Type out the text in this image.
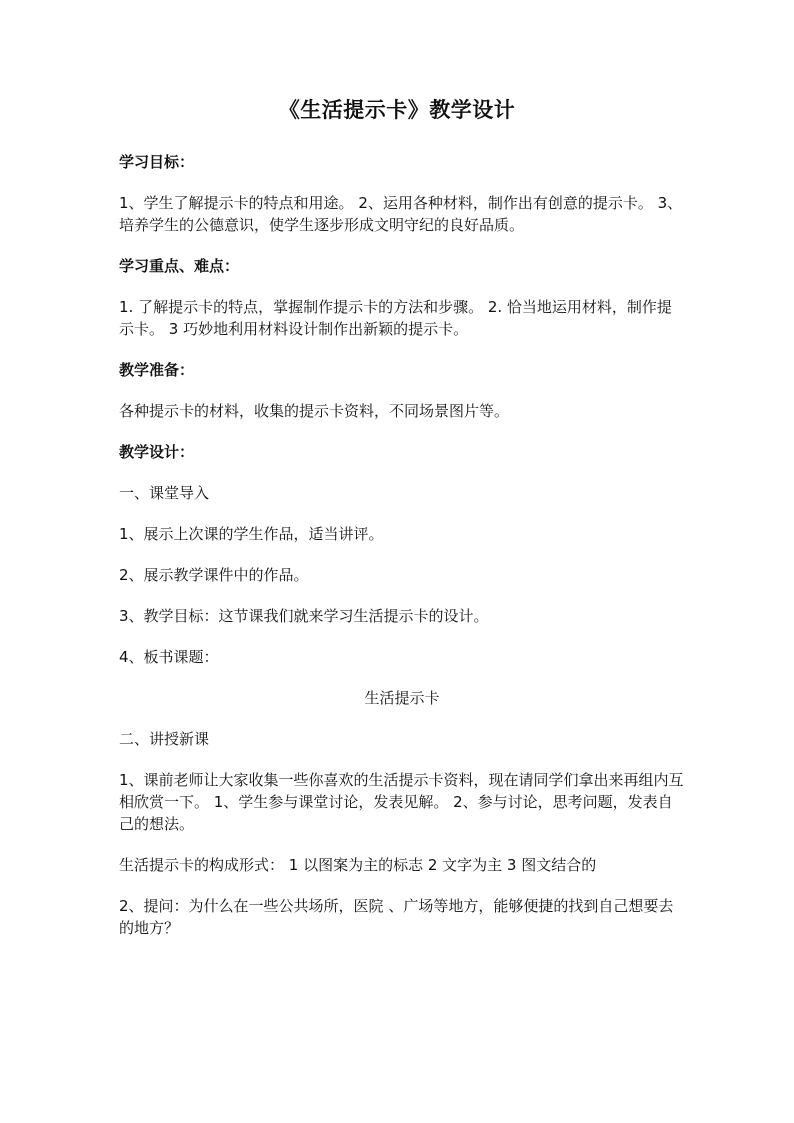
《生活提示卡》教学设计

学习目标：

1、学生了解提示卡的特点和用途。 2、运用各种材料，制作出有创意的提示卡。 3、培养学生的公德意识，使学生逐步形成文明守纪的良好品质。

学习重点、难点：

1. 了解提示卡的特点，掌握制作提示卡的方法和步骤。 2. 恰当地运用材料，制作提示卡。 3 巧妙地利用材料设计制作出新颖的提示卡。

教学准备：

各种提示卡的材料，收集的提示卡资料，不同场景图片等。

教学设计：

一、课堂导入

1、展示上次课的学生作品，适当讲评。

2、展示教学课件中的作品。

3、教学目标：这节课我们就来学习生活提示卡的设计。

4、板书课题：

生活提示卡

二、讲授新课

1、课前老师让大家收集一些你喜欢的生活提示卡资料，现在请同学们拿出来再组内互相欣赏一下。 1、学生参与课堂讨论，发表见解。 2、参与讨论，思考问题，发表自己的想法。

生活提示卡的构成形式： 1 以图案为主的标志 2 文字为主 3 图文结合的

2、提问：为什么在一些公共场所，医院 、广场等地方，能够便捷的找到自己想要去的地方？
